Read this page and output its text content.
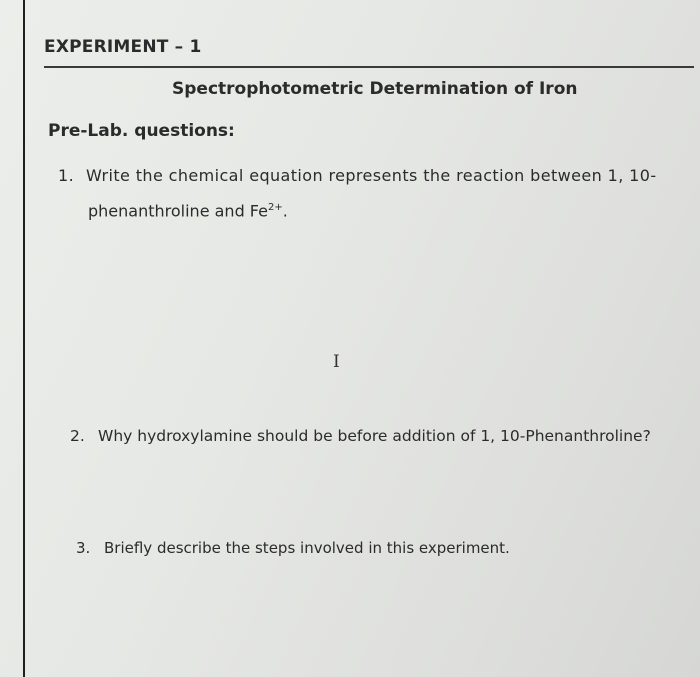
EXPERIMENT – 1
Spectrophotometric Determination of Iron
Pre-Lab. questions:
1. Write the chemical equation represents the reaction between 1, 10-
phenanthroline and $Fe^{2+}$.
I
2. Why hydroxylamine should be before addition of 1, 10-Phenanthroline?
3. Briefly describe the steps involved in this experiment.
